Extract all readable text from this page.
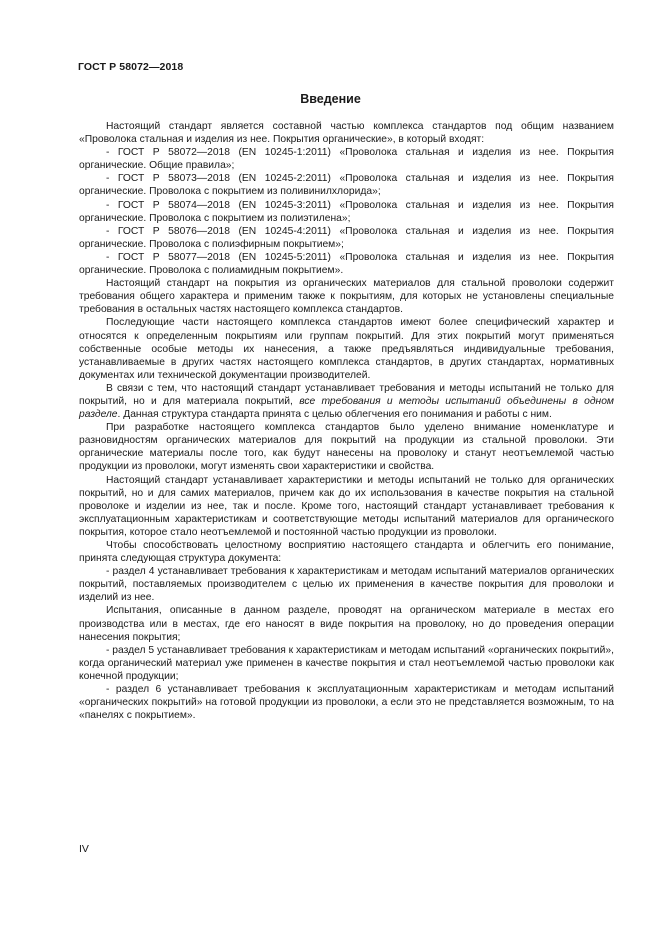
ГОСТ Р 58072—2018
Введение

Настоящий стандарт является составной частью комплекса стандартов под общим названием «Проволока стальная и изделия из нее. Покрытия органические», в который входят:

- ГОСТ Р 58072—2018 (EN 10245-1:2011) «Проволока стальная и изделия из нее. Покрытия органические. Общие правила»;

- ГОСТ Р 58073—2018 (EN 10245-2:2011) «Проволока стальная и изделия из нее. Покрытия органические. Проволока с покрытием из поливинилхлорида»;

- ГОСТ Р 58074—2018 (EN 10245-3:2011) «Проволока стальная и изделия из нее. Покрытия органические. Проволока с покрытием из полиэтилена»;

- ГОСТ Р 58076—2018 (EN 10245-4:2011) «Проволока стальная и изделия из нее. Покрытия органические. Проволока с полиэфирным покрытием»;

- ГОСТ Р 58077—2018 (EN 10245-5:2011) «Проволока стальная и изделия из нее. Покрытия органические. Проволока с полиамидным покрытием».

Настоящий стандарт на покрытия из органических материалов для стальной проволоки содержит требования общего характера и применим также к покрытиям, для которых не установлены специальные требования в остальных частях настоящего комплекса стандартов.

Последующие части настоящего комплекса стандартов имеют более специфический характер и относятся к определенным покрытиям или группам покрытий. Для этих покрытий могут применяться собственные особые методы их нанесения, а также предъявляться индивидуальные требования, устанавливаемые в других частях настоящего комплекса стандартов, в других стандартах, нормативных документах или технической документации производителей.

В связи с тем, что настоящий стандарт устанавливает требования и методы испытаний не только для покрытий, но и для материала покрытий, все требования и методы испытаний объединены в одном разделе. Данная структура стандарта принята с целью облегчения его понимания и работы с ним.

При разработке настоящего комплекса стандартов было уделено внимание номенклатуре и разновидностям органических материалов для покрытий на продукции из стальной проволоки. Эти органические материалы после того, как будут нанесены на проволоку и станут неотъемлемой частью продукции из проволоки, могут изменять свои характеристики и свойства.

Настоящий стандарт устанавливает характеристики и методы испытаний не только для органических покрытий, но и для самих материалов, причем как до их использования в качестве покрытия на стальной проволоке и изделии из нее, так и после. Кроме того, настоящий стандарт устанавливает требования к эксплуатационным характеристикам и соответствующие методы испытаний материалов для органического покрытия, которое стало неотъемлемой и постоянной частью продукции из проволоки.

Чтобы способствовать целостному восприятию настоящего стандарта и облегчить его понимание, принята следующая структура документа:

- раздел 4 устанавливает требования к характеристикам и методам испытаний материалов органических покрытий, поставляемых производителем с целью их применения в качестве покрытия для проволоки и изделий из нее.

Испытания, описанные в данном разделе, проводят на органическом материале в местах его производства или в местах, где его наносят в виде покрытия на проволоку, но до проведения операции нанесения покрытия;

- раздел 5 устанавливает требования к характеристикам и методам испытаний «органических покрытий», когда органический материал уже применен в качестве покрытия и стал неотъемлемой частью проволоки как конечной продукции;

- раздел 6 устанавливает требования к эксплуатационным характеристикам и методам испытаний «органических покрытий» на готовой продукции из проволоки, а если это не представляется возможным, то на «панелях с покрытием».

IV
